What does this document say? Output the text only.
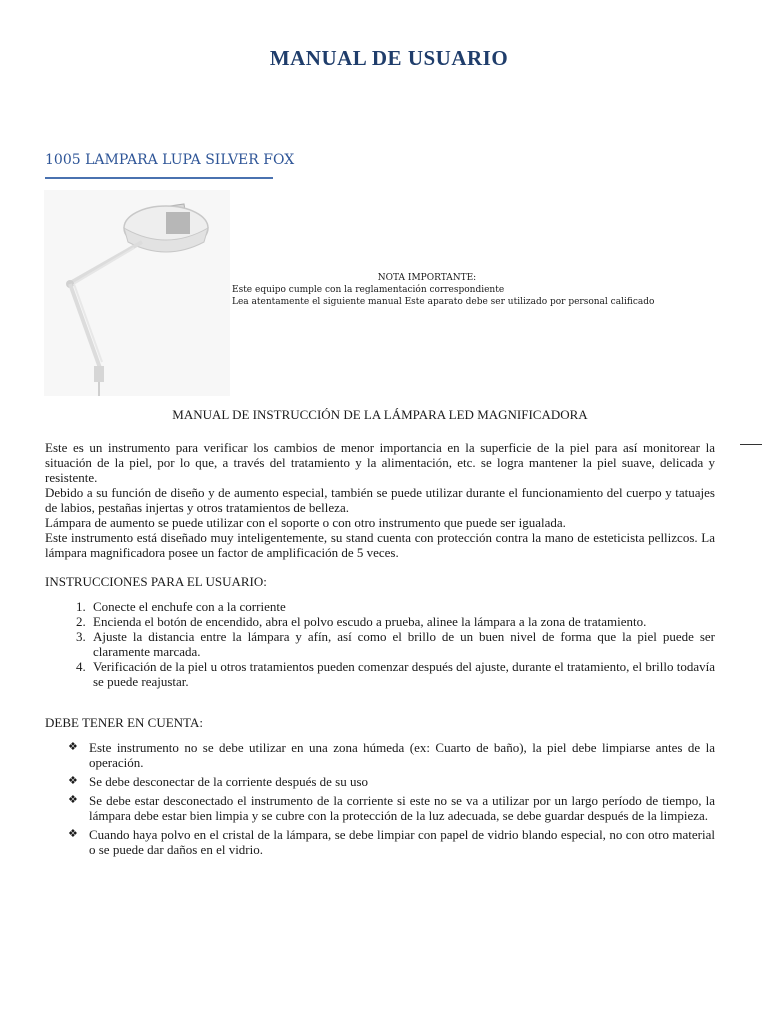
MANUAL DE USUARIO
1005 LAMPARA LUPA SILVER FOX
NOTA IMPORTANTE:
Este equipo cumple con la reglamentación correspondiente
Lea atentamente el siguiente manual Este aparato debe ser utilizado por personal calificado
MANUAL DE INSTRUCCIÓN DE LA LÁMPARA LED MAGNIFICADORA

Este es un instrumento para verificar los cambios de menor importancia en la superficie de la piel para así monitorear la situación de la piel, por lo que, a través del tratamiento y la alimentación, etc. se logra mantener la piel suave, delicada y resistente.

Debido a su función de diseño y de aumento especial, también se puede utilizar durante el funcionamiento del cuerpo y tatuajes de labios, pestañas injertas y otros tratamientos de belleza.

Lámpara de aumento se puede utilizar con el soporte o con otro instrumento que puede ser igualada.

Este instrumento está diseñado muy inteligentemente, su stand cuenta con protección contra la mano de esteticista pellizcos. La lámpara magnificadora posee un factor de amplificación de 5 veces.

INSTRUCCIONES PARA EL USUARIO:

1. Conecte el enchufe con a la corriente
2. Encienda el botón de encendido, abra el polvo escudo a prueba, alinee la lámpara a la zona de tratamiento.
3. Ajuste la distancia entre la lámpara y afín, así como el brillo de un buen nivel de forma que la piel puede ser claramente marcada.
4. Verificación de la piel u otros tratamientos pueden comenzar después del ajuste, durante el tratamiento, el brillo todavía se puede reajustar.

DEBE TENER EN CUENTA:

❖ Este instrumento no se debe utilizar en una zona húmeda (ex: Cuarto de baño), la piel debe limpiarse antes de la operación.
❖ Se debe desconectar de la corriente después de su uso
❖ Se debe estar desconectado el instrumento de la corriente si este no se va a utilizar por un largo período de tiempo, la lámpara debe estar bien limpia y se cubre con la protección de la luz adecuada, se debe guardar después de la limpieza.
❖ Cuando haya polvo en el cristal de la lámpara, se debe limpiar con papel de vidrio blando especial, no con otro material o se puede dar daños en el vidrio.
